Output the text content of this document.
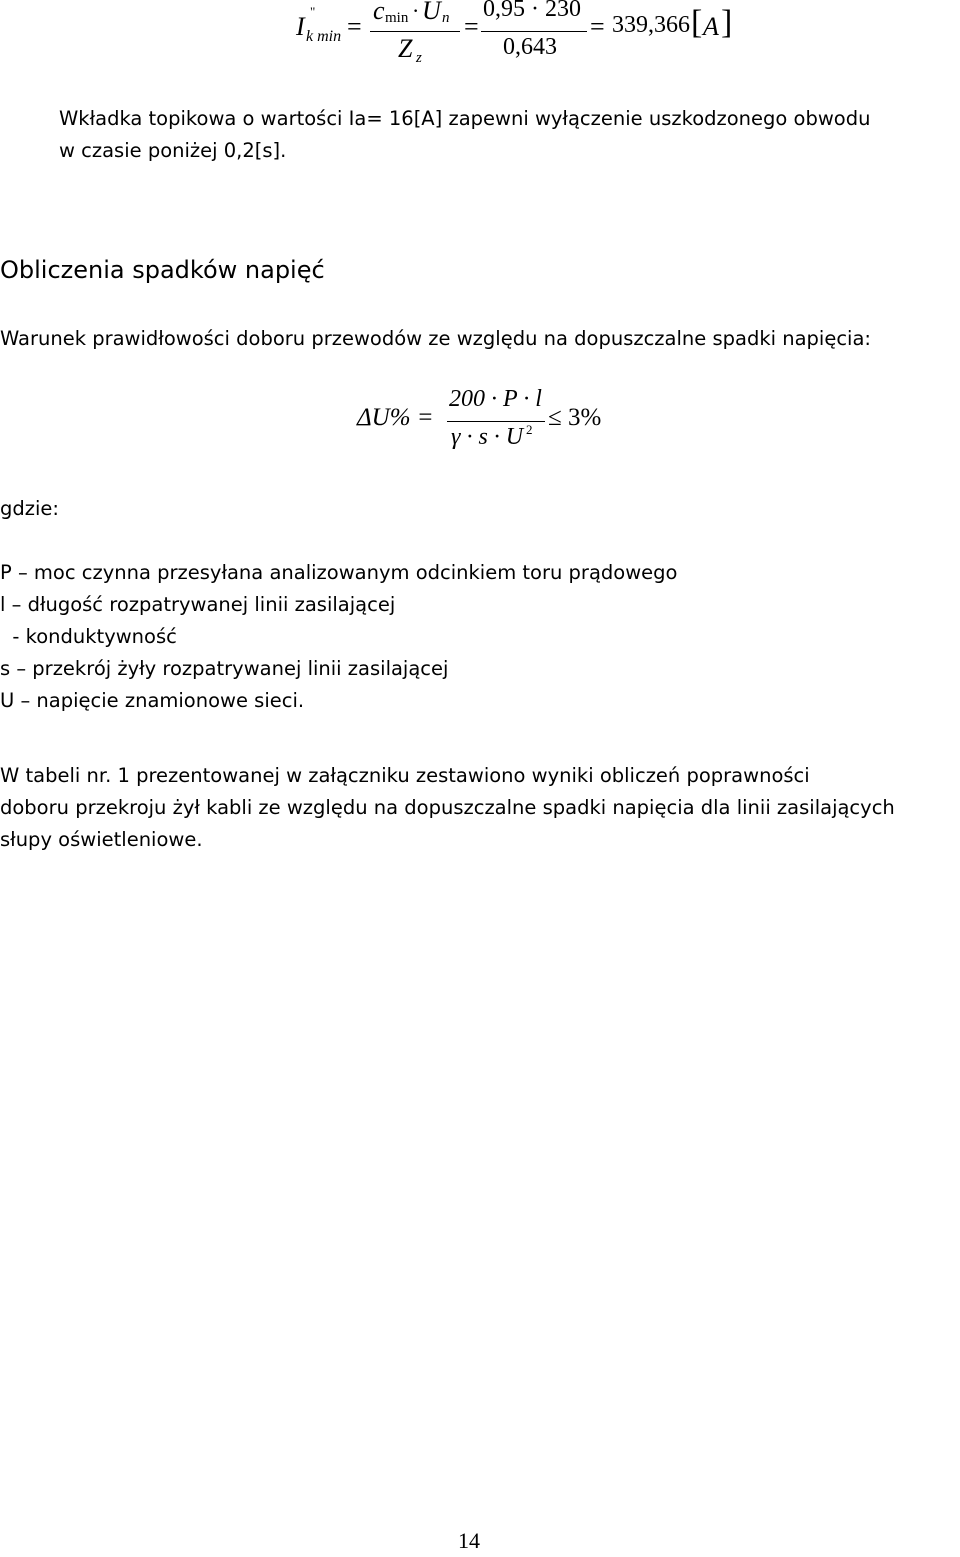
I
"
k min =
c min · U n
Z z
=
0,95 · 230
0,643
= 339,366 [ A ]
Wkładka topikowa o wartości Ia= 16[A] zapewni wyłączenie uszkodzonego obwodu
w czasie poniżej 0,2[s].
Obliczenia spadków napięć
Warunek prawidłowości doboru przewodów ze względu na dopuszczalne spadki napięcia:
ΔU% =
200 · P · l
γ · s · U 2 ≤ 3%
gdzie:
P – moc czynna przesyłana analizowanym odcinkiem toru prądowego
l – długość rozpatrywanej linii zasilającej
- konduktywność
s – przekrój żyły rozpatrywanej linii zasilającej
U – napięcie znamionowe sieci.
W tabeli nr. 1 prezentowanej w załączniku zestawiono wyniki obliczeń poprawności
doboru przekroju żył kabli ze względu na dopuszczalne spadki napięcia dla linii zasilających
słupy oświetleniowe.
14
